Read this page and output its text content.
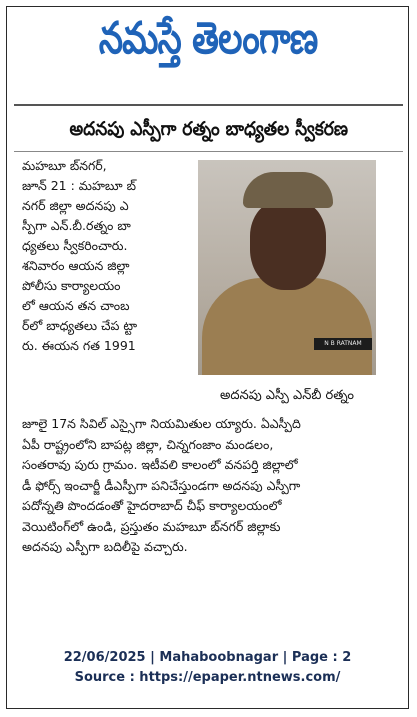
నమస్తే తెలంగాణ
అదనపు ఎస్పీగా రత్నం బాధ్యతల స్వీకరణ

మహబూ బ్‌నగర్,

జూన్ 21 : మహబూ బ్

నగర్ జిల్లా అదనపు ఎ

స్పీగా ఎన్.బీ.రత్నం బా

ధ్యతలు స్వీకరించారు.

శనివారం ఆయన జిల్లా

పోలీసు కార్యాలయం

లో ఆయన తన చాంబ

ర్‌లో బాధ్యతలు చేప ట్టా

రు. ఈయన గత 1991	N B RATNAM
అదనపు ఎస్పీ ఎన్‌బీ రత్నం

జూలై 17న సివిల్ ఎస్సైగా నియమితుల య్యారు. ఏఎస్పీది

ఏపీ రాష్ట్రంలోని బాపట్ల జిల్లా, చిన్నగంజాం మండలం,

సంతరావు పురు గ్రామం. ఇటీవలి కాలంలో వనపర్తి జిల్లాలో

డీ ఫోర్స్ ఇంచార్జీ డీఎస్పీగా పనిచేస్తుండగా అదనపు ఎస్పీగా

పదోన్నతి పొందడంతో హైదరాబాద్ చీఫ్ కార్యాలయంలో

వెయిటింగ్‌లో ఉండి, ప్రస్తుతం మహబూ బ్‌నగర్ జిల్లాకు

అదనపు ఎస్పీగా బదిలీపై వచ్చారు.

22/06/2025 | Mahaboobnagar | Page : 2
Source : https://epaper.ntnews.com/
